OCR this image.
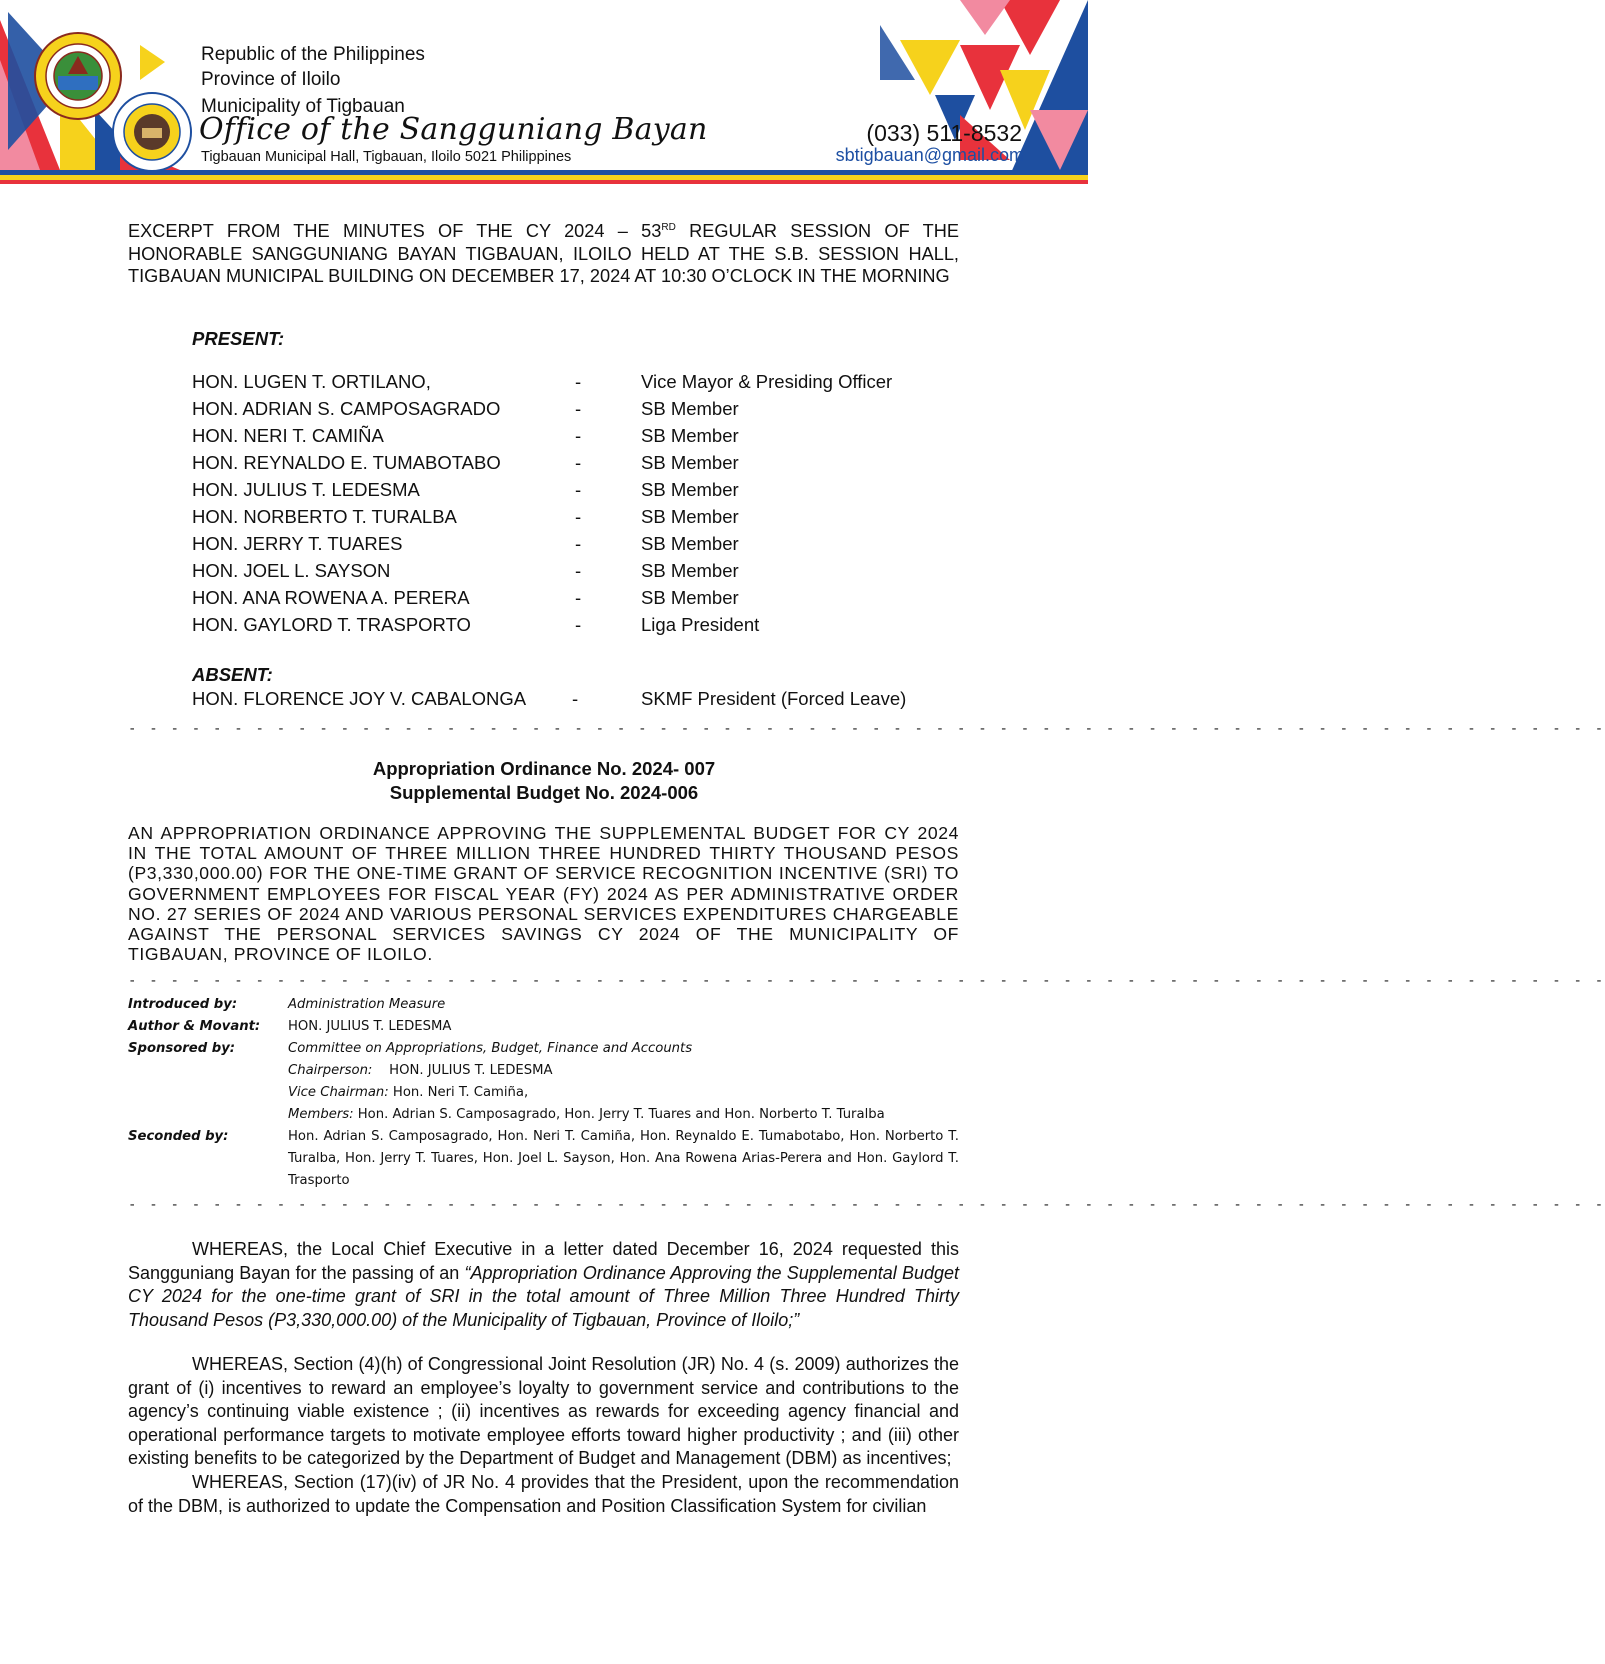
Republic of the Philippines
Province of Iloilo
Municipality of Tigbauan
Office of the Sangguniang Bayan
Tigbauan Municipal Hall, Tigbauan, Iloilo 5021 Philippines
(033) 511-8532
sbtigbauan@gmail.com
EXCERPT FROM THE MINUTES OF THE CY 2024 – 53RD REGULAR SESSION OF THE HONORABLE SANGGUNIANG BAYAN TIGBAUAN, ILOILO HELD AT THE S.B. SESSION HALL, TIGBAUAN MUNICIPAL BUILDING ON DECEMBER 17, 2024 AT 10:30 O’CLOCK IN THE MORNING
PRESENT:
HON. LUGEN T. ORTILANO,	-	Vice Mayor & Presiding Officer
HON. ADRIAN S. CAMPOSAGRADO	-	SB Member
HON. NERI T. CAMIÑA	-	SB Member
HON. REYNALDO E. TUMABOTABO	-	SB Member
HON. JULIUS T. LEDESMA	-	SB Member
HON. NORBERTO T. TURALBA	-	SB Member
HON. JERRY T. TUARES	-	SB Member
HON. JOEL L. SAYSON	-	SB Member
HON. ANA ROWENA A. PERERA	-	SB Member
HON. GAYLORD T. TRASPORTO	-	Liga President
ABSENT:
HON. FLORENCE JOY V. CABALONGA -	SKMF President (Forced Leave)
- - - - - - - - - - - - - - - - - - - - - - - - - - - - - - - - - - - - - - - - - - - - - - - - - - - - - - - - - - - - - - - - - - - - - -
Appropriation Ordinance No. 2024- 007
Supplemental Budget No. 2024-006
AN APPROPRIATION ORDINANCE APPROVING THE SUPPLEMENTAL BUDGET FOR CY 2024 IN THE TOTAL AMOUNT OF THREE MILLION THREE HUNDRED THIRTY THOUSAND PESOS (P3,330,000.00) FOR THE ONE-TIME GRANT OF SERVICE RECOGNITION INCENTIVE (SRI) TO GOVERNMENT EMPLOYEES FOR FISCAL YEAR (FY) 2024 AS PER ADMINISTRATIVE ORDER NO. 27 SERIES OF 2024 AND VARIOUS PERSONAL SERVICES EXPENDITURES CHARGEABLE AGAINST THE PERSONAL SERVICES SAVINGS CY 2024 OF THE MUNICIPALITY OF TIGBAUAN, PROVINCE OF ILOILO.
- - - - - - - - - - - - - - - - - - - - - - - - - - - - - - - - - - - - - - - - - - - - - - - - - - - - - - - - - - - - - - - - - - - - - -
Introduced by:	Administration Measure
Author & Movant: HON. JULIUS T. LEDESMA
Sponsored by:	Committee on Appropriations, Budget, Finance and Accounts
Chairperson: HON. JULIUS T. LEDESMA
Vice Chairman: Hon. Neri T. Camiña,
Members: Hon. Adrian S. Camposagrado, Hon. Jerry T. Tuares and Hon. Norberto T. Turalba
Seconded by:	Hon. Adrian S. Camposagrado, Hon. Neri T. Camiña, Hon. Reynaldo E. Tumabotabo, Hon. Norberto T. Turalba, Hon. Jerry T. Tuares, Hon. Joel L. Sayson, Hon. Ana Rowena Arias-Perera and Hon. Gaylord T. Trasporto
- - - - - - - - - - - - - - - - - - - - - - - - - - - - - - - - - - - - - - - - - - - - - - - - - - - - - - - - - - - - - - - - - - - - - -
WHEREAS, the Local Chief Executive in a letter dated December 16, 2024 requested this Sangguniang Bayan for the passing of an “Appropriation Ordinance Approving the Supplemental Budget CY 2024 for the one-time grant of SRI in the total amount of Three Million Three Hundred Thirty Thousand Pesos (P3,330,000.00) of the Municipality of Tigbauan, Province of Iloilo;”
WHEREAS, Section (4)(h) of Congressional Joint Resolution (JR) No. 4 (s. 2009) authorizes the grant of (i) incentives to reward an employee’s loyalty to government service and contributions to the agency’s continuing viable existence ; (ii) incentives as rewards for exceeding agency financial and operational performance targets to motivate employee efforts toward higher productivity ; and (iii) other existing benefits to be categorized by the Department of Budget and Management (DBM) as incentives;
WHEREAS, Section (17)(iv) of JR No. 4 provides that the President, upon the recommendation of the DBM, is authorized to update the Compensation and Position Classification System for civilian
